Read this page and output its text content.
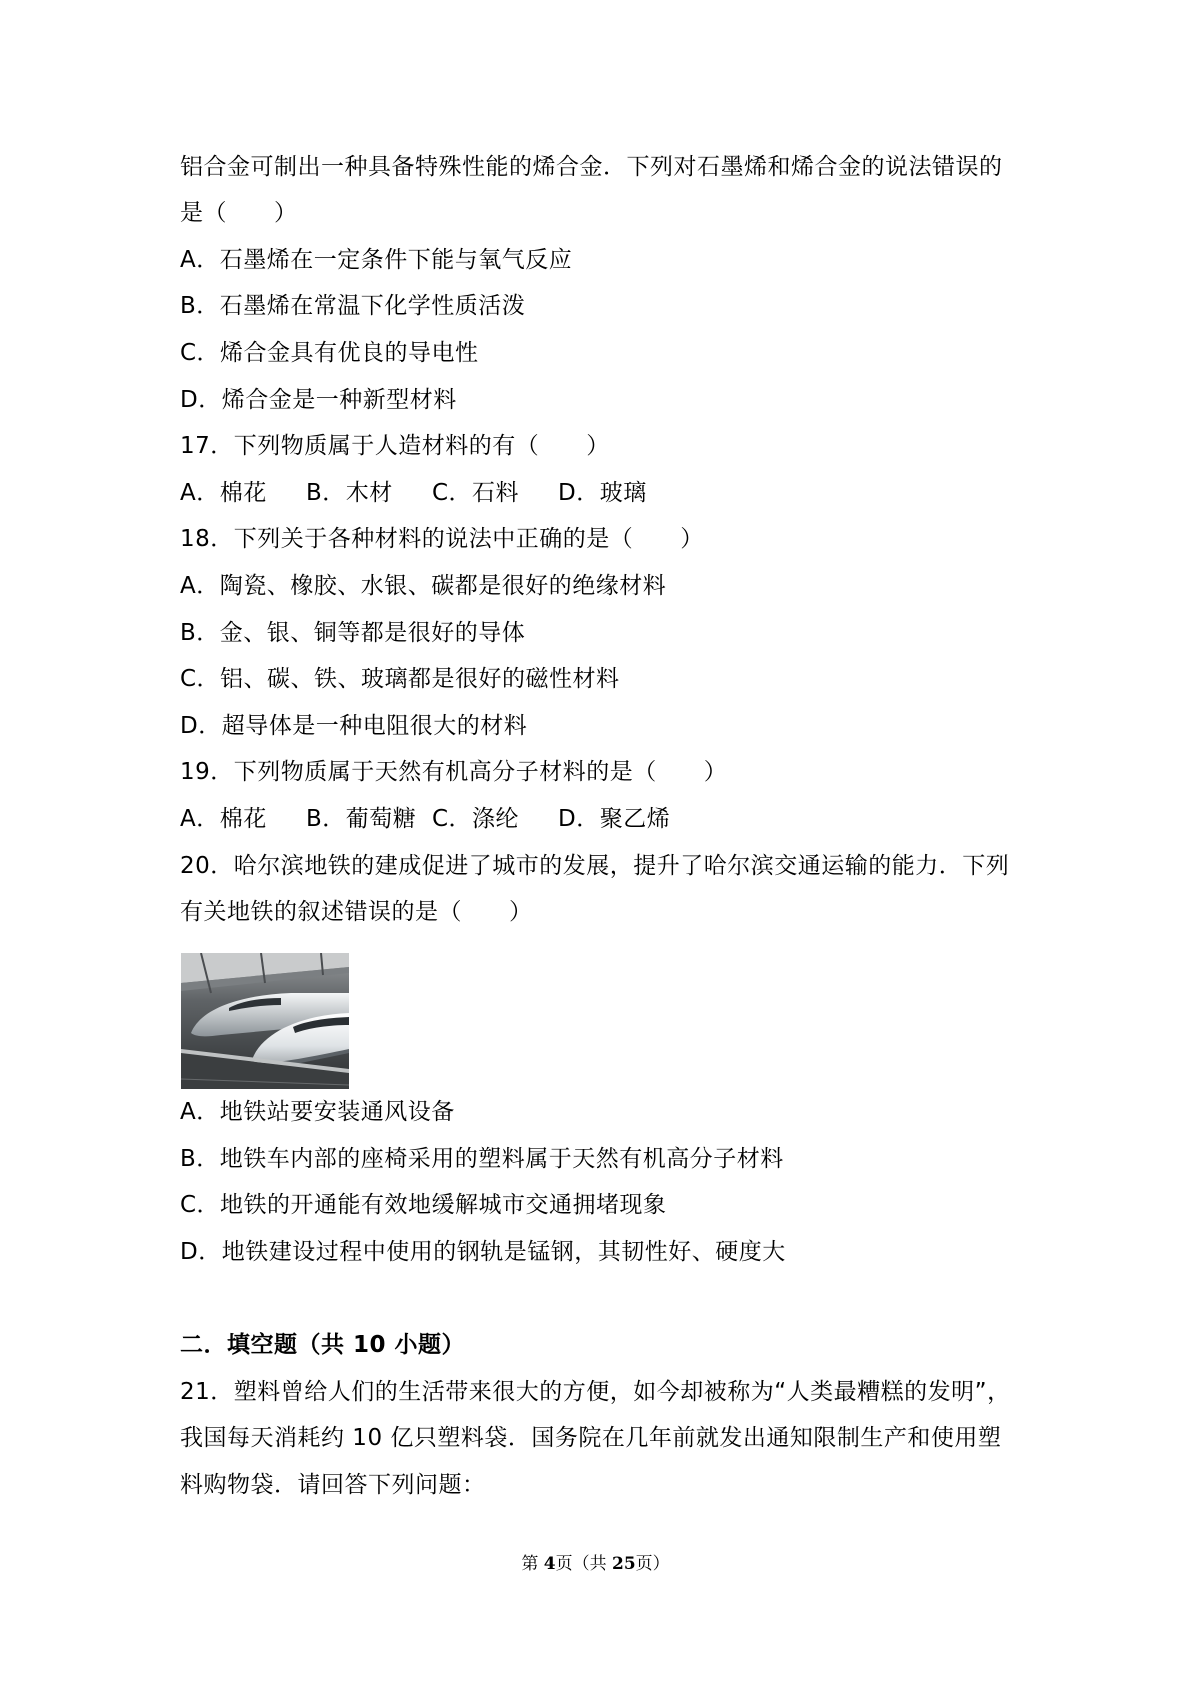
铝合金可制出一种具备特殊性能的烯合金．下列对石墨烯和烯合金的说法错误的
是（　　）
A．石墨烯在一定条件下能与氧气反应
B．石墨烯在常温下化学性质活泼
C．烯合金具有优良的导电性
D．烯合金是一种新型材料
17．下列物质属于人造材料的有（　　）
A．棉花 B．木材 C．石料 D．玻璃
18．下列关于各种材料的说法中正确的是（　　）
A．陶瓷、橡胶、水银、碳都是很好的绝缘材料
B．金、银、铜等都是很好的导体
C．铝、碳、铁、玻璃都是很好的磁性材料
D．超导体是一种电阻很大的材料
19．下列物质属于天然有机高分子材料的是（　　）
A．棉花 B．葡萄糖 C．涤纶 D．聚乙烯
20．哈尔滨地铁的建成促进了城市的发展，提升了哈尔滨交通运输的能力．下列
有关地铁的叙述错误的是（　　）
A．地铁站要安装通风设备
B．地铁车内部的座椅采用的塑料属于天然有机高分子材料
C．地铁的开通能有效地缓解城市交通拥堵现象
D．地铁建设过程中使用的钢轨是锰钢，其韧性好、硬度大
二．填空题（共 10 小题）
21．塑料曾给人们的生活带来很大的方便，如今却被称为“人类最糟糕的发明”，
我国每天消耗约 10 亿只塑料袋．国务院在几年前就发出通知限制生产和使用塑
料购物袋．请回答下列问题：
第 4页（共 25页）
